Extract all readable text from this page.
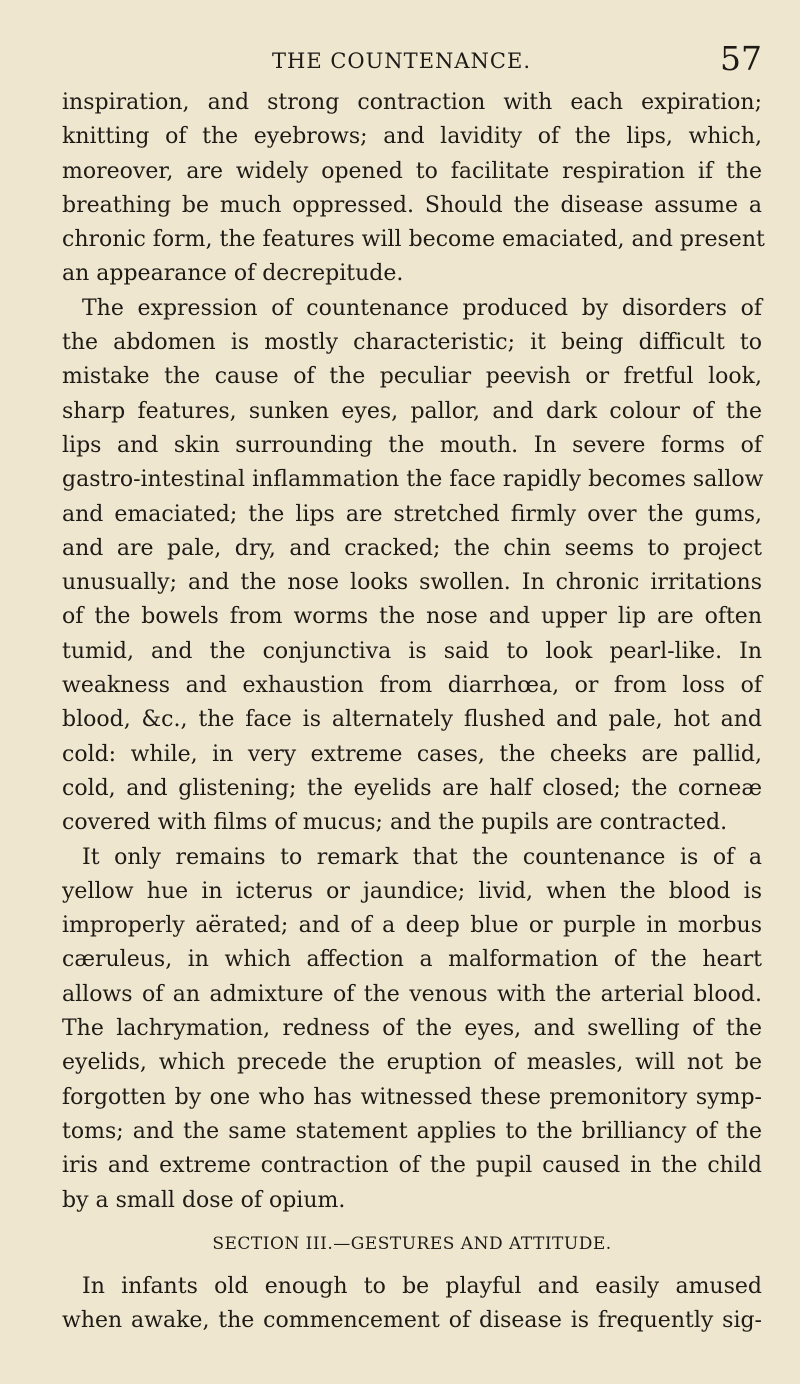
THE COUNTENANCE.	57
inspiration, and strong contraction with each expiration;
knitting of the eyebrows; and lavidity of the lips, which,
moreover, are widely opened to facilitate respiration if the
breathing be much oppressed. Should the disease assume a
chronic form, the features will become emaciated, and present
an appearance of decrepitude.
The expression of countenance produced by disorders of
the abdomen is mostly characteristic; it being difficult to
mistake the cause of the peculiar peevish or fretful look,
sharp features, sunken eyes, pallor, and dark colour of the
lips and skin surrounding the mouth. In severe forms of
gastro-intestinal inflammation the face rapidly becomes sallow
and emaciated; the lips are stretched firmly over the gums,
and are pale, dry, and cracked; the chin seems to project
unusually; and the nose looks swollen. In chronic irritations
of the bowels from worms the nose and upper lip are often
tumid, and the conjunctiva is said to look pearl-like. In
weakness and exhaustion from diarrhœa, or from loss of
blood, &c., the face is alternately flushed and pale, hot and
cold: while, in very extreme cases, the cheeks are pallid,
cold, and glistening; the eyelids are half closed; the corneæ
covered with films of mucus; and the pupils are contracted.
It only remains to remark that the countenance is of a
yellow hue in icterus or jaundice; livid, when the blood is
improperly aërated; and of a deep blue or purple in morbus
cæruleus, in which affection a malformation of the heart
allows of an admixture of the venous with the arterial blood.
The lachrymation, redness of the eyes, and swelling of the
eyelids, which precede the eruption of measles, will not be
forgotten by one who has witnessed these premonitory symp-
toms; and the same statement applies to the brilliancy of the
iris and extreme contraction of the pupil caused in the child
by a small dose of opium.
SECTION III.—GESTURES AND ATTITUDE.
In infants old enough to be playful and easily amused
when awake, the commencement of disease is frequently sig-
